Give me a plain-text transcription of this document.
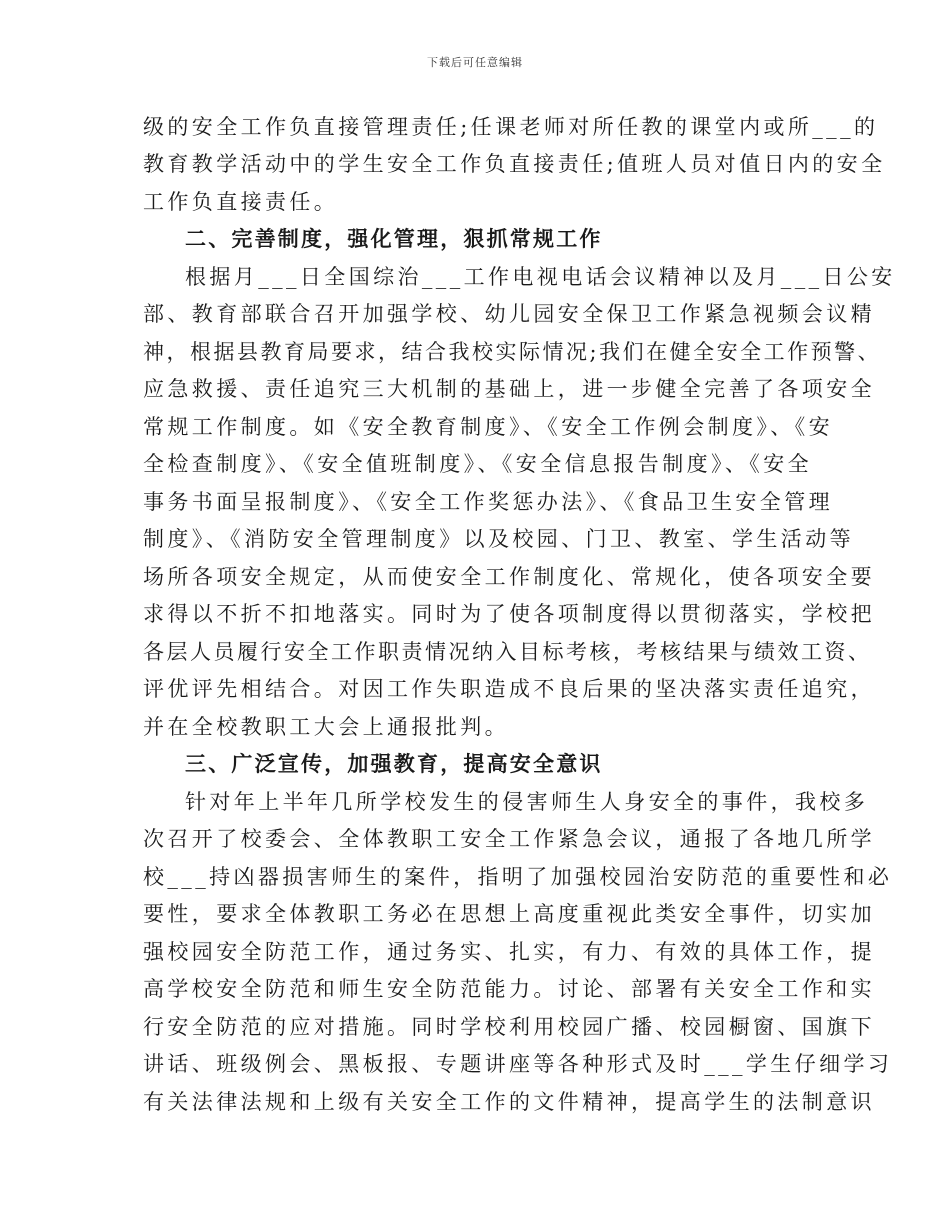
下载后可任意编辑
级的安全工作负直接管理责任;任课老师对所任教的课堂内或所___的
教育教学活动中的学生安全工作负直接责任;值班人员对值日内的安全
工作负直接责任。
二、完善制度，强化管理，狠抓常规工作
根据月___日全国综治___工作电视电话会议精神以及月___日公安
部、教育部联合召开加强学校、幼儿园安全保卫工作紧急视频会议精
神，根据县教育局要求，结合我校实际情况;我们在健全安全工作预警、
应急救援、责任追究三大机制的基础上，进一步健全完善了各项安全
常规工作制度。如《安全教育制度》、《安全工作例会制度》、《安
全检查制度》、《安全值班制度》、《安全信息报告制度》、《安全
事务书面呈报制度》、《安全工作奖惩办法》、《食品卫生安全管理
制度》、《消防安全管理制度》以及校园、门卫、教室、学生活动等
场所各项安全规定，从而使安全工作制度化、常规化，使各项安全要
求得以不折不扣地落实。同时为了使各项制度得以贯彻落实，学校把
各层人员履行安全工作职责情况纳入目标考核，考核结果与绩效工资、
评优评先相结合。对因工作失职造成不良后果的坚决落实责任追究，
并在全校教职工大会上通报批判。
三、广泛宣传，加强教育，提高安全意识
针对年上半年几所学校发生的侵害师生人身安全的事件，我校多
次召开了校委会、全体教职工安全工作紧急会议，通报了各地几所学
校___持凶器损害师生的案件，指明了加强校园治安防范的重要性和必
要性，要求全体教职工务必在思想上高度重视此类安全事件，切实加
强校园安全防范工作，通过务实、扎实，有力、有效的具体工作，提
高学校安全防范和师生安全防范能力。讨论、部署有关安全工作和实
行安全防范的应对措施。同时学校利用校园广播、校园橱窗、国旗下
讲话、班级例会、黑板报、专题讲座等各种形式及时___学生仔细学习
有关法律法规和上级有关安全工作的文件精神，提高学生的法制意识
